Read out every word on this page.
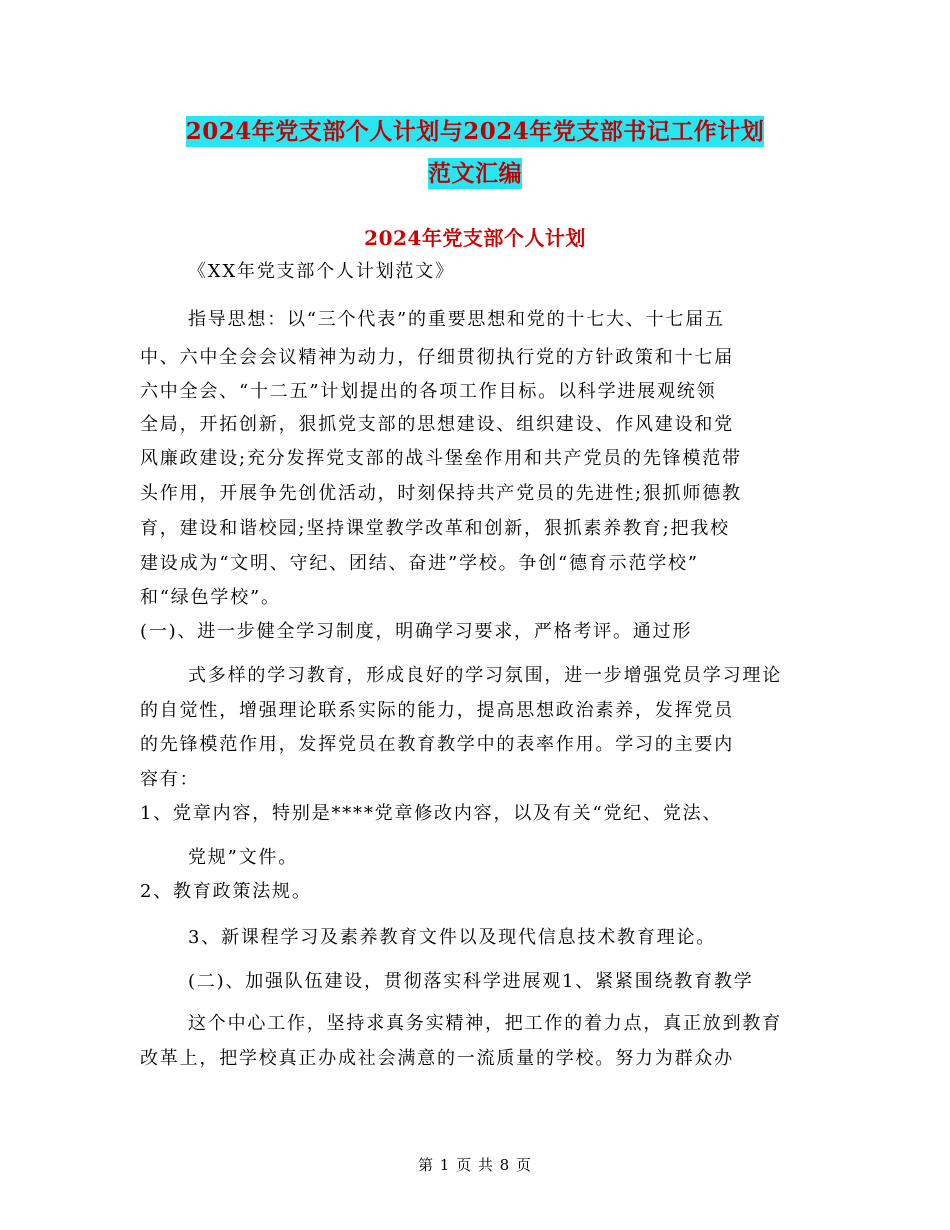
2024年党支部个人计划与2024年党支部书记工作计划
范文汇编
2024年党支部个人计划
《XX年党支部个人计划范文》
指导思想：以“三个代表”的重要思想和党的十七大、十七届五
中、六中全会会议精神为动力，仔细贯彻执行党的方针政策和十七届
六中全会、“十二五”计划提出的各项工作目标。以科学进展观统领
全局，开拓创新，狠抓党支部的思想建设、组织建设、作风建设和党
风廉政建设;充分发挥党支部的战斗堡垒作用和共产党员的先锋模范带
头作用，开展争先创优活动，时刻保持共产党员的先进性;狠抓师德教
育，建设和谐校园;坚持课堂教学改革和创新，狠抓素养教育;把我校
建设成为“文明、守纪、团结、奋进”学校。争创“德育示范学校”
和“绿色学校”。
(一)、进一步健全学习制度，明确学习要求，严格考评。通过形
式多样的学习教育，形成良好的学习氛围，进一步增强党员学习理论
的自觉性，增强理论联系实际的能力，提高思想政治素养，发挥党员
的先锋模范作用，发挥党员在教育教学中的表率作用。学习的主要内
容有：
1、党章内容，特别是****党章修改内容，以及有关“党纪、党法、
党规”文件。
2、教育政策法规。
3、新课程学习及素养教育文件以及现代信息技术教育理论。
(二)、加强队伍建设，贯彻落实科学进展观1、紧紧围绕教育教学
这个中心工作，坚持求真务实精神，把工作的着力点，真正放到教育
改革上，把学校真正办成社会满意的一流质量的学校。努力为群众办
第 1 页 共 8 页
